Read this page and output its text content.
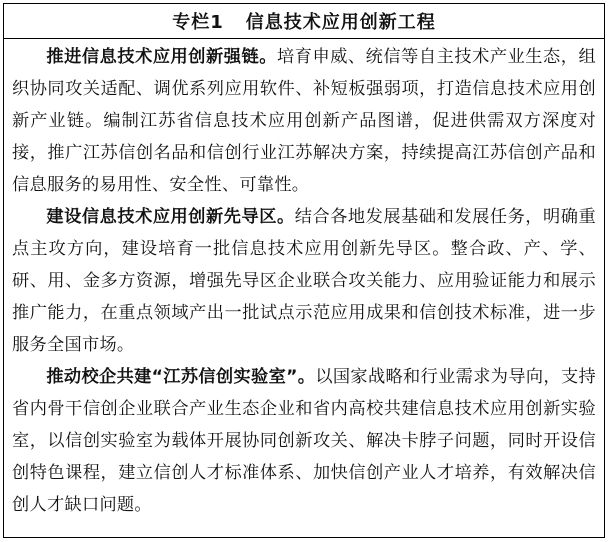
专栏1 信息技术应用创新工程

推进信息技术应用创新强链。培育申威、统信等自主技术产业生态，组织协同攻关适配、调优系列应用软件、补短板强弱项，打造信息技术应用创新产业链。编制江苏省信息技术应用创新产品图谱，促进供需双方深度对接，推广江苏信创名品和信创行业江苏解决方案，持续提高江苏信创产品和信息服务的易用性、安全性、可靠性。

建设信息技术应用创新先导区。结合各地发展基础和发展任务，明确重点主攻方向，建设培育一批信息技术应用创新先导区。整合政、产、学、研、用、金多方资源，增强先导区企业联合攻关能力、应用验证能力和展示推广能力，在重点领域产出一批试点示范应用成果和信创技术标准，进一步服务全国市场。

推动校企共建“江苏信创实验室”。以国家战略和行业需求为导向，支持省内骨干信创企业联合产业生态企业和省内高校共建信息技术应用创新实验室，以信创实验室为载体开展协同创新攻关、解决卡脖子问题，同时开设信创特色课程，建立信创人才标准体系、加快信创产业人才培养，有效解决信创人才缺口问题。
